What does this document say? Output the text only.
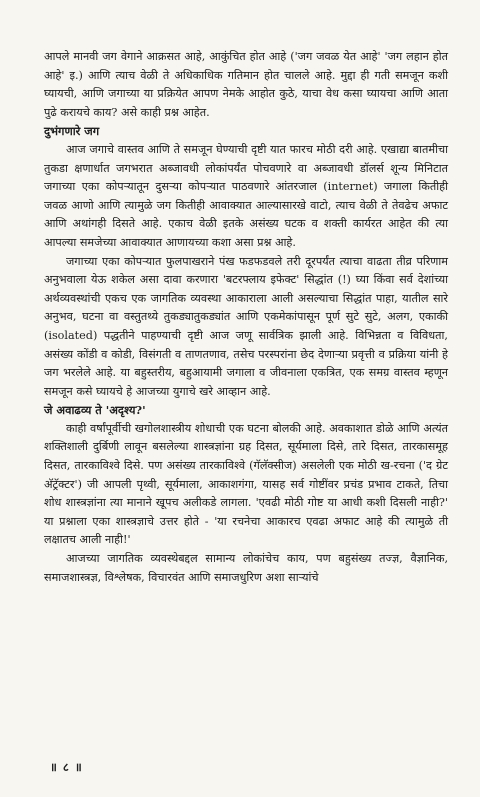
आपले मानवी जग वेगाने आक्रसत आहे, आकुंचित होत आहे ('जग जवळ येत आहे' 'जग लहान होत आहे' इ.) आणि त्याच वेळी ते अधिकाधिक गतिमान होत चालले आहे. मुद्दा ही गती समजून कशी घ्यायची, आणि जगाच्या या प्रक्रियेत आपण नेमके आहोत कुठे, याचा वेध कसा घ्यायचा आणि आता पुढे करायचे काय? असे काही प्रश्न आहेत.

दुभंगणारे जग

आज जगाचे वास्तव आणि ते समजून घेण्याची दृष्टी यात फारच मोठी दरी आहे. एखाद्या बातमीचा तुकडा क्षणार्धात जगभरात अब्जावधी लोकांपर्यंत पोचवणारे वा अब्जावधी डॉलर्स शून्य मिनिटात जगाच्या एका कोपऱ्यातून दुसऱ्या कोपऱ्यात पाठवणारे आंतरजाल (internet) जगाला कितीही जवळ आणो आणि त्यामुळे जग कितीही आवाक्यात आल्यासारखे वाटो, त्याच वेळी ते तेवढेच अफाट आणि अथांगही दिसते आहे. एकाच वेळी इतके असंख्य घटक व शक्ती कार्यरत आहेत की त्या आपल्या समजेच्या आवाक्यात आणायच्या कशा असा प्रश्न आहे.

जगाच्या एका कोपऱ्यात फुलपाखराने पंख फडफडवले तरी दूरपर्यंत त्याचा वाढता तीव्र परिणाम अनुभवाला येऊ शकेल असा दावा करणारा 'बटरफ्लाय इफेक्ट' सिद्धांत (!) घ्या किंवा सर्व देशांच्या अर्थव्यवस्थांची एकच एक जागतिक व्यवस्था आकाराला आली असल्याचा सिद्धांत पाहा, यातील सारे अनुभव, घटना वा वस्तुतथ्ये तुकड्यातुकड्यांत आणि एकमेकांपासून पूर्ण सुटे सुटे, अलग, एकाकी (isolated) पद्धतीने पाहण्याची दृष्टी आज जणू सार्वत्रिक झाली आहे. विभिन्नता व विविधता, असंख्य कोंडी व कोडी, विसंगती व ताणतणाव, तसेच परस्परांना छेद देणाऱ्या प्रवृत्ती व प्रक्रिया यांनी हे जग भरलेले आहे. या बहुस्तरीय, बहुआयामी जगाला व जीवनाला एकत्रित, एक समग्र वास्तव म्हणून समजून कसे घ्यायचे हे आजच्या युगाचे खरे आव्हान आहे.

जे अवाढव्य ते 'अदृश्य?'

काही वर्षांपूर्वीची खगोलशास्त्रीय शोधाची एक घटना बोलकी आहे. अवकाशात डोळे आणि अत्यंत शक्तिशाली दुर्बिणी लावून बसलेल्या शास्त्रज्ञांना ग्रह दिसत, सूर्यमाला दिसे, तारे दिसत, तारकासमूह दिसत, तारकाविश्वे दिसे. पण असंख्य तारकाविश्वे (गॅलॅक्सीज) असलेली एक मोठी ख-रचना ('द ग्रेट अ‍ॅट्रॅक्टर') जी आपली पृथ्वी, सूर्यमाला, आकाशगंगा, यासह सर्व गोष्टींवर प्रचंड प्रभाव टाकते, तिचा शोध शास्त्रज्ञांना त्या मानाने खूपच अलीकडे लागला. 'एवढी मोठी गोष्ट या आधी कशी दिसली नाही?' या प्रश्नाला एका शास्त्रज्ञाचे उत्तर होते - 'या रचनेचा आकारच एवढा अफाट आहे की त्यामुळे ती लक्षातच आली नाही!'

आजच्या जागतिक व्यवस्थेबद्दल सामान्य लोकांचेच काय, पण बहुसंख्य तज्ज्ञ, वैज्ञानिक, समाजशास्त्रज्ञ, विश्लेषक, विचारवंत आणि समाजधुरिण अशा साऱ्यांचे

॥ ८ ॥
